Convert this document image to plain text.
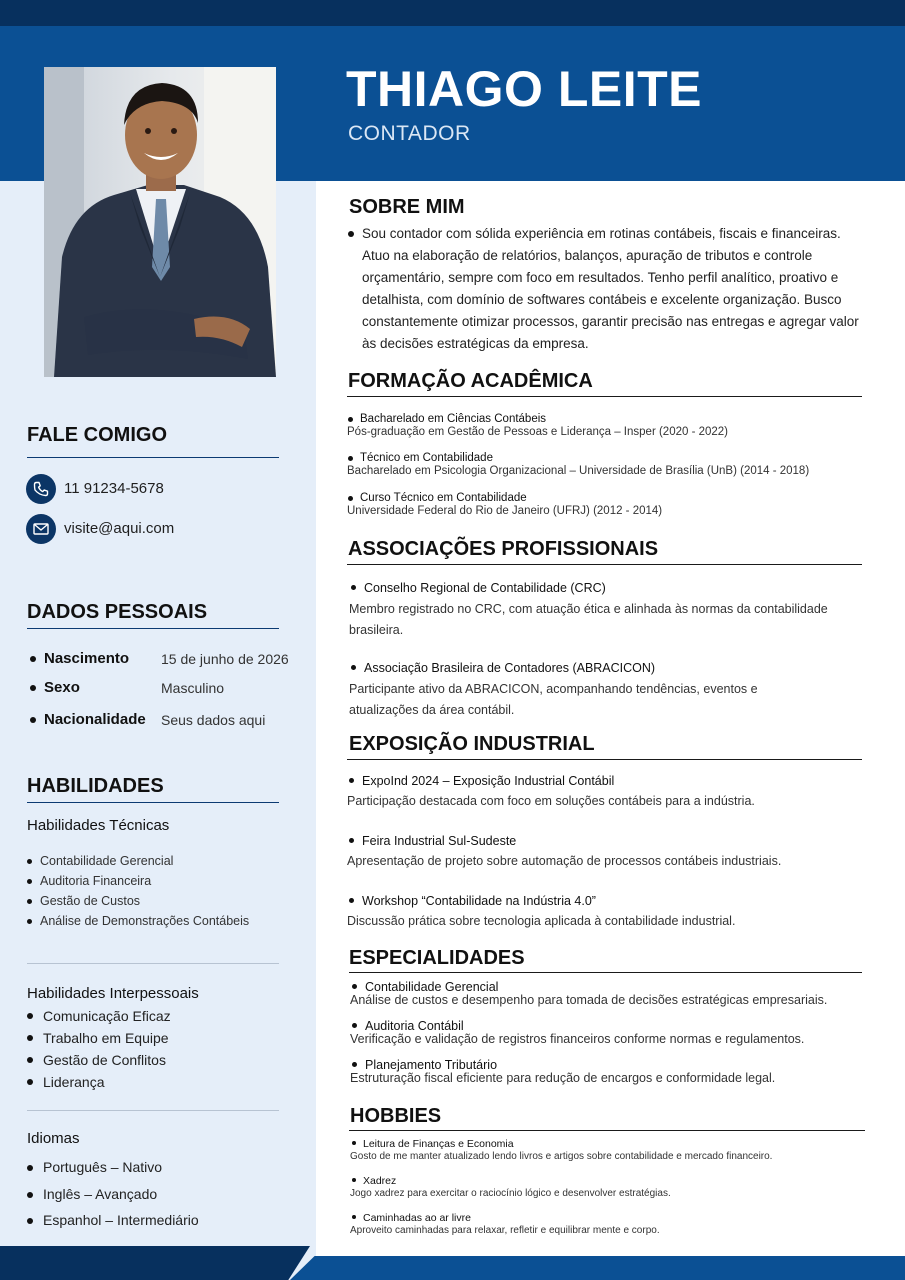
THIAGO LEITE
CONTADOR
FALE COMIGO
11 91234-5678
visite@aqui.com
DADOS PESSOAIS
Nascimento 15 de junho de 2026
Sexo	Masculino
Nacionalidade Seus dados aqui
HABILIDADES
Habilidades Técnicas
Contabilidade Gerencial
Auditoria Financeira
Gestão de Custos
Análise de Demonstrações Contábeis
Habilidades Interpessoais
Comunicação Eficaz
Trabalho em Equipe
Gestão de Conflitos
Liderança
Idiomas
Português – Nativo
Inglês – Avançado
Espanhol – Intermediário
SOBRE MIM

Sou contador com sólida experiência em rotinas contábeis, fiscais e financeiras. Atuo na elaboração de relatórios, balanços, apuração de tributos e controle orçamentário, sempre com foco em resultados. Tenho perfil analítico, proativo e detalhista, com domínio de softwares contábeis e excelente organização. Busco constantemente otimizar processos, garantir precisão nas entregas e agregar valor às decisões estratégicas da empresa.

FORMAÇÃO ACADÊMICA
Bacharelado em Ciências Contábeis
Pós-graduação em Gestão de Pessoas e Liderança – Insper (2020 - 2022)
Técnico em Contabilidade
Bacharelado em Psicologia Organizacional – Universidade de Brasília (UnB) (2014 - 2018)
Curso Técnico em Contabilidade
Universidade Federal do Rio de Janeiro (UFRJ) (2012 - 2014)
ASSOCIAÇÕES PROFISSIONAIS
Conselho Regional de Contabilidade (CRC)
Membro registrado no CRC, com atuação ética e alinhada às normas da contabilidade brasileira.
Associação Brasileira de Contadores (ABRACICON)
Participante ativo da ABRACICON, acompanhando tendências, eventos e atualizações da área contábil.
EXPOSIÇÃO INDUSTRIAL
ExpoInd 2024 – Exposição Industrial Contábil
Participação destacada com foco em soluções contábeis para a indústria.
Feira Industrial Sul-Sudeste
Apresentação de projeto sobre automação de processos contábeis industriais.
Workshop “Contabilidade na Indústria 4.0”
Discussão prática sobre tecnologia aplicada à contabilidade industrial.
ESPECIALIDADES
Contabilidade Gerencial
Análise de custos e desempenho para tomada de decisões estratégicas empresariais.
Auditoria Contábil
Verificação e validação de registros financeiros conforme normas e regulamentos.
Planejamento Tributário
Estruturação fiscal eficiente para redução de encargos e conformidade legal.
HOBBIES
Leitura de Finanças e Economia
Gosto de me manter atualizado lendo livros e artigos sobre contabilidade e mercado financeiro.
Xadrez
Jogo xadrez para exercitar o raciocínio lógico e desenvolver estratégias.
Caminhadas ao ar livre
Aproveito caminhadas para relaxar, refletir e equilibrar mente e corpo.
